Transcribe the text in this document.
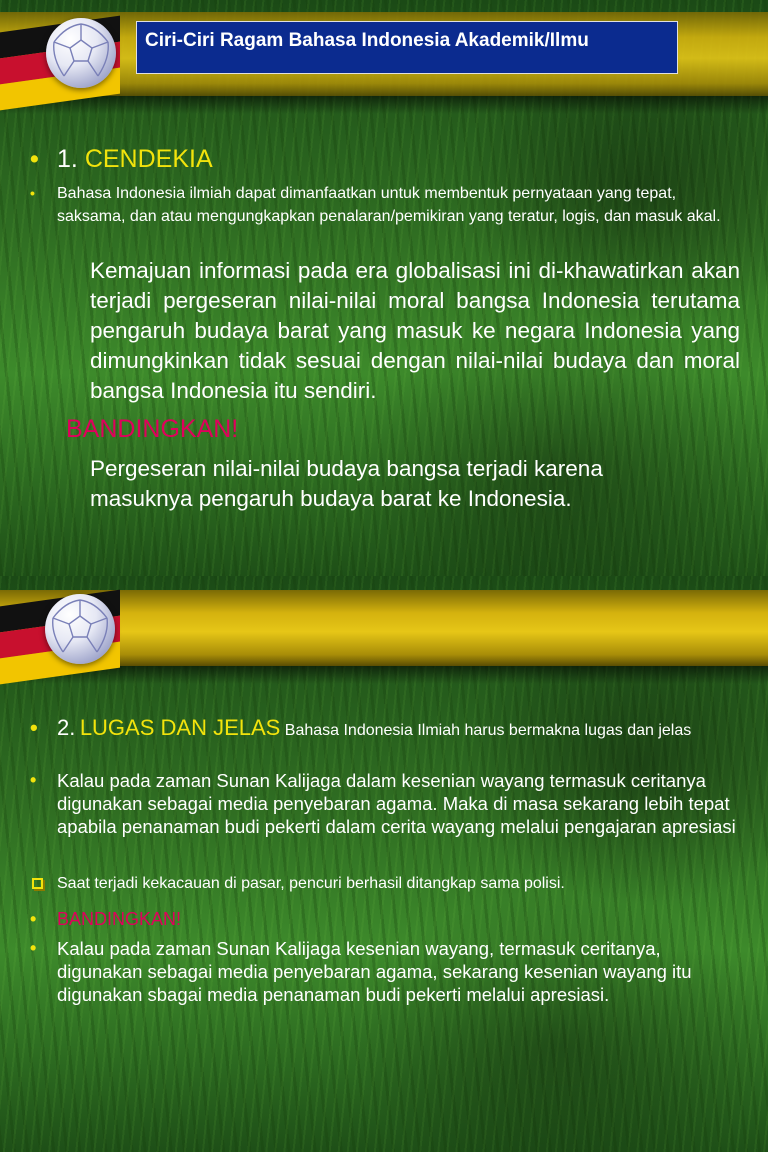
Ciri-Ciri Ragam Bahasa Indonesia Akademik/Ilmu
• 1. CENDEKIA
• Bahasa Indonesia ilmiah dapat dimanfaatkan untuk membentuk pernyataan yang tepat, saksama, dan atau mengungkapkan penalaran/pemikiran yang teratur, logis, dan masuk akal.
Kemajuan informasi pada era globalisasi ini di-khawatirkan akan terjadi pergeseran nilai-nilai moral bangsa Indonesia terutama pengaruh budaya barat yang masuk ke negara Indonesia yang dimungkinkan tidak sesuai dengan nilai-nilai budaya dan moral bangsa Indonesia itu sendiri.
BANDINGKAN!
Pergeseran nilai-nilai budaya bangsa terjadi karena masuknya pengaruh budaya barat ke Indonesia.
• 2. LUGAS DAN JELAS Bahasa Indonesia Ilmiah harus bermakna lugas dan jelas
• Kalau pada zaman Sunan Kalijaga dalam kesenian wayang termasuk ceritanya digunakan sebagai media penyebaran agama. Maka di masa sekarang lebih tepat apabila penanaman budi pekerti dalam cerita wayang melalui pengajaran apresiasi
Saat terjadi kekacauan di pasar, pencuri berhasil ditangkap sama polisi.
• BANDINGKAN!
• Kalau pada zaman Sunan Kalijaga kesenian wayang, termasuk ceritanya, digunakan sebagai media penyebaran agama, sekarang kesenian wayang itu digunakan sbagai media penanaman budi pekerti melalui apresiasi.
